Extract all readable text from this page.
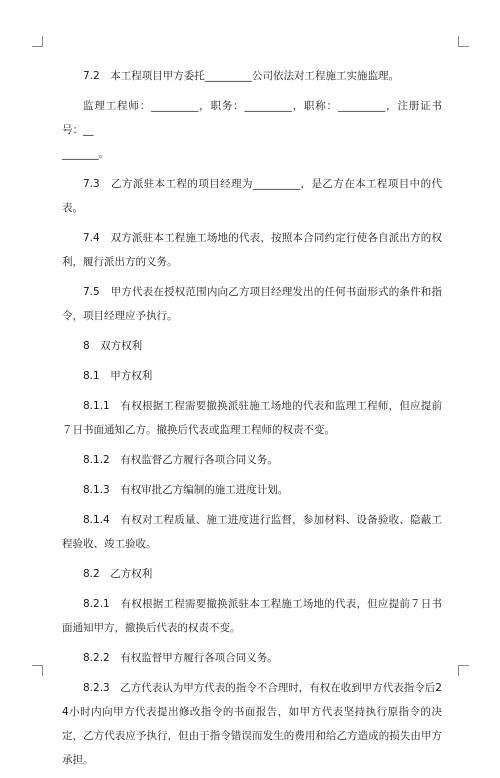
7.2　本工程项目甲方委托_________公司依法对工程施工实施监理。

监理工程师：_________，职务：_________，职称：_________，注册证书号：__

_______。

7.3　乙方派驻本工程的项目经理为_________，是乙方在本工程项目中的代表。

7.4　双方派驻本工程施工场地的代表，按照本合同约定行使各自派出方的权利，履行派出方的义务。

7.5　甲方代表在授权范围内向乙方项目经理发出的任何书面形式的条件和指令，项目经理应予执行。

8　双方权利

8.1　甲方权利

8.1.1　有权根据工程需要撤换派驻施工场地的代表和监理工程师，但应提前７日书面通知乙方。撤换后代表或监理工程师的权责不变。

8.1.2　有权监督乙方履行各项合同义务。

8.1.3　有权审批乙方编制的施工进度计划。

8.1.4　有权对工程质量、施工进度进行监督，参加材料、设备验收、隐蔽工程验收、竣工验收。

8.2　乙方权利

8.2.1　有权根据工程需要撤换派驻本工程施工场地的代表，但应提前７日书面通知甲方，撤换后代表的权责不变。

8.2.2　有权监督甲方履行各项合同义务。

8.2.3　乙方代表认为甲方代表的指令不合理时，有权在收到甲方代表指令后24小时内向甲方代表提出修改指令的书面报告，如甲方代表坚持执行原指令的决定，乙方代表应予执行，但由于指令错误而发生的费用和给乙方造成的损失由甲方承担。
